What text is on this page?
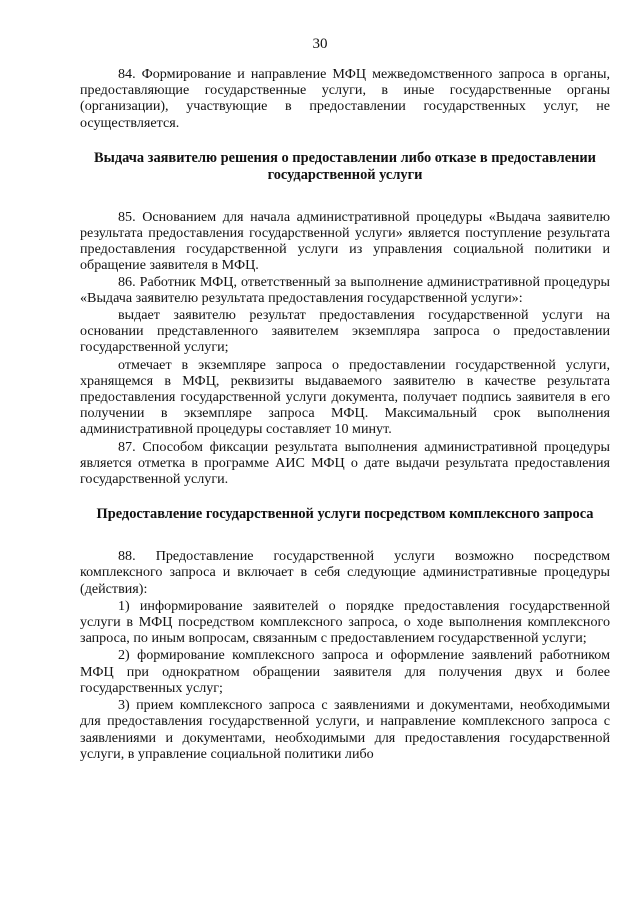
30

84. Формирование и направление МФЦ межведомственного запроса в органы, предоставляющие государственные услуги, в иные государственные органы (организации), участвующие в предоставлении государственных услуг, не осуществляется.

Выдача заявителю решения о предоставлении либо отказе в предоставлении государственной услуги

85. Основанием для начала административной процедуры «Выдача заявителю результата предоставления государственной услуги» является поступление результата предоставления государственной услуги из управления социальной политики и обращение заявителя в МФЦ.

86. Работник МФЦ, ответственный за выполнение административной процедуры «Выдача заявителю результата предоставления государственной услуги»:

выдает заявителю результат предоставления государственной услуги на основании представленного заявителем экземпляра запроса о предоставлении государственной услуги;

отмечает в экземпляре запроса о предоставлении государственной услуги, хранящемся в МФЦ, реквизиты выдаваемого заявителю в качестве результата предоставления государственной услуги документа, получает подпись заявителя в его получении в экземпляре запроса МФЦ. Максимальный срок выполнения административной процедуры составляет 10 минут.

87. Способом фиксации результата выполнения административной процедуры является отметка в программе АИС МФЦ о дате выдачи результата предоставления государственной услуги.

Предоставление государственной услуги посредством комплексного запроса

88. Предоставление государственной услуги возможно посредством комплексного запроса и включает в себя следующие административные процедуры (действия):

1) информирование заявителей о порядке предоставления государственной услуги в МФЦ посредством комплексного запроса, о ходе выполнения комплексного запроса, по иным вопросам, связанным с предоставлением государственной услуги;

2) формирование комплексного запроса и оформление заявлений работником МФЦ при однократном обращении заявителя для получения двух и более государственных услуг;

3) прием комплексного запроса с заявлениями и документами, необходимыми для предоставления государственной услуги, и направление комплексного запроса с заявлениями и документами, необходимыми для предоставления государственной услуги, в управление социальной политики либо
